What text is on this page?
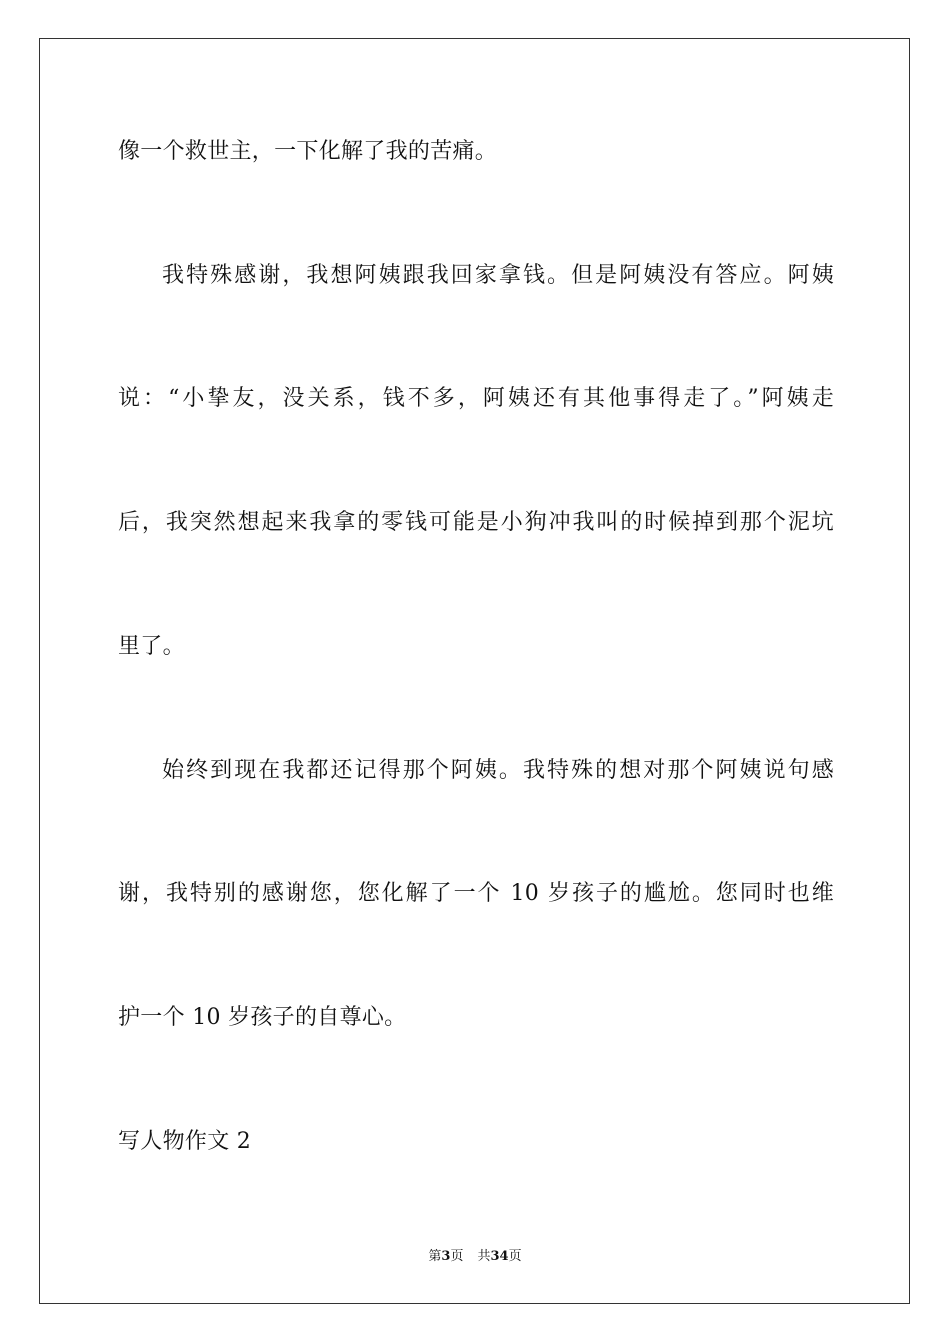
像一个救世主，一下化解了我的苦痛。
我特殊感谢，我想阿姨跟我回家拿钱。但是阿姨没有答应。阿姨
说：“小挚友，没关系，钱不多，阿姨还有其他事得走了。”阿姨走
后，我突然想起来我拿的零钱可能是小狗冲我叫的时候掉到那个泥坑
里了。
始终到现在我都还记得那个阿姨。我特殊的想对那个阿姨说句感
谢，我特别的感谢您，您化解了一个 10 岁孩子的尴尬。您同时也维
护一个 10 岁孩子的自尊心。
写人物作文 2
第3页 共34页
